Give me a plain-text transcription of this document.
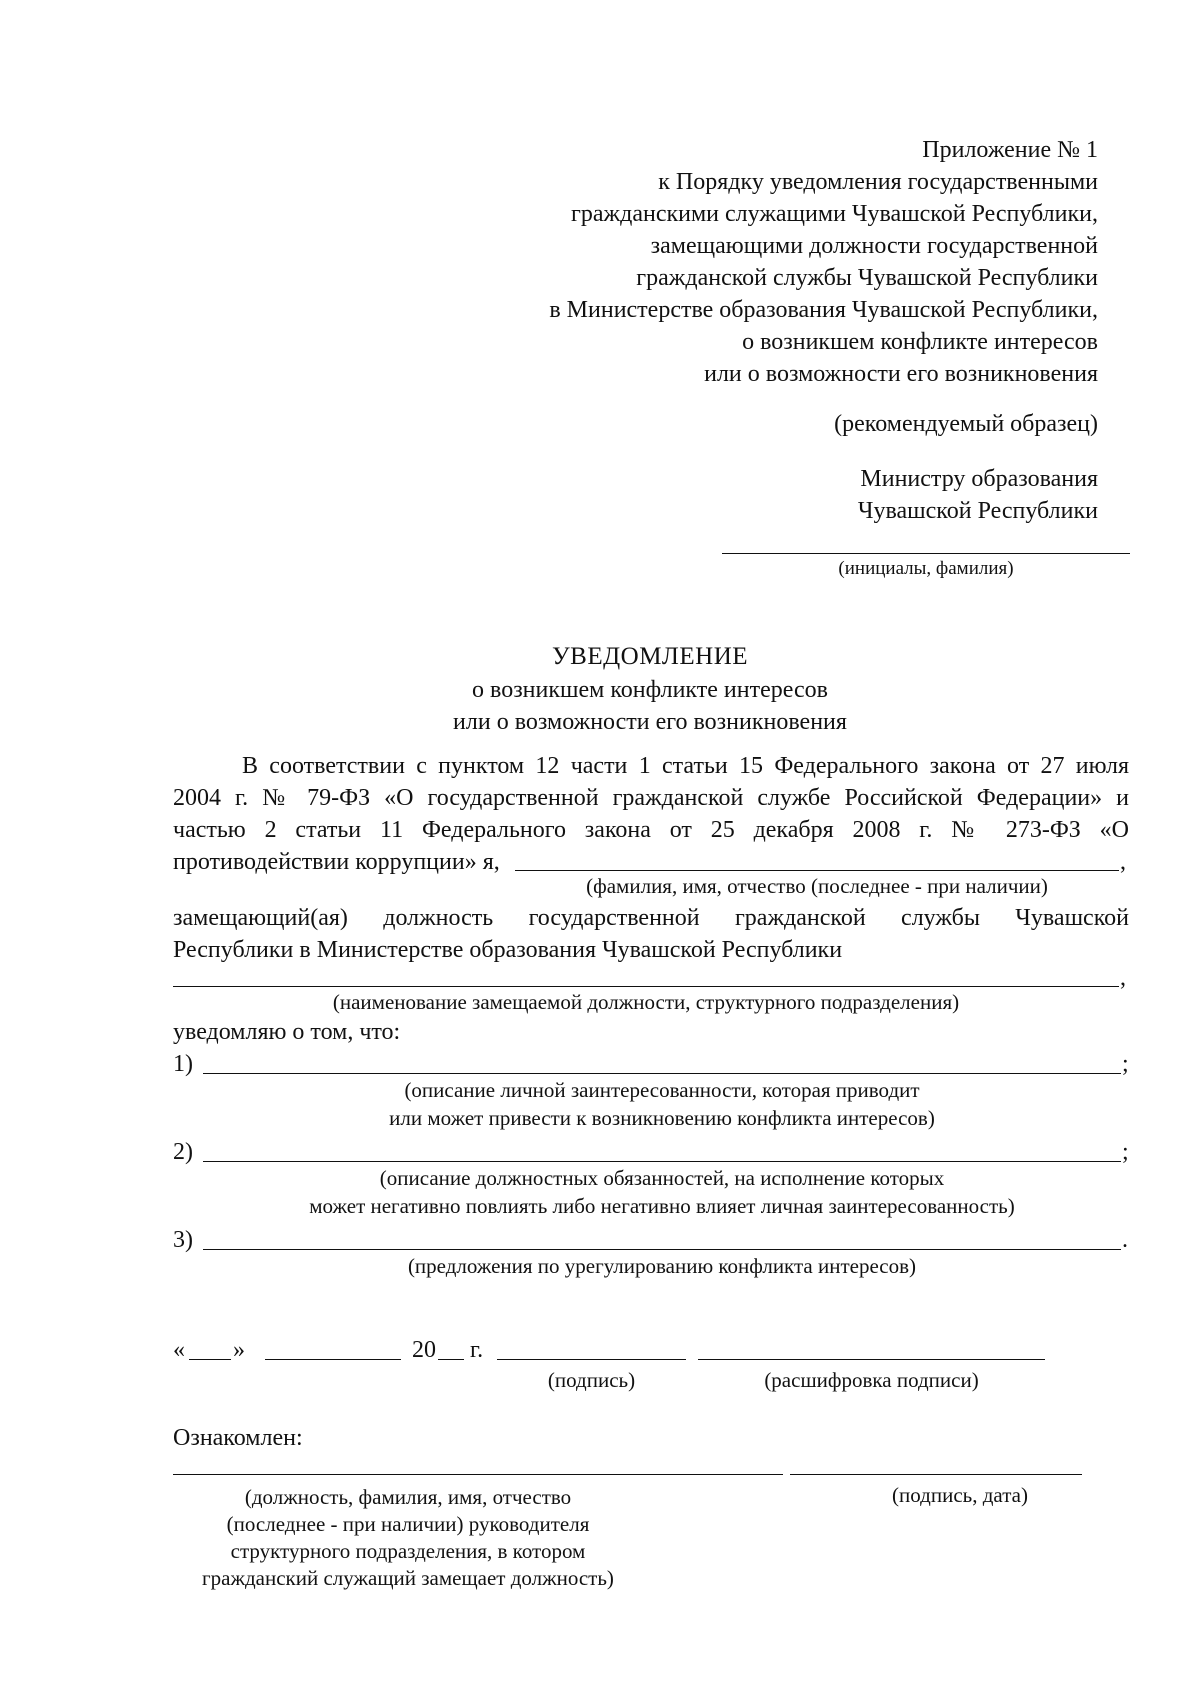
Приложение № 1
к Порядку уведомления государственными
гражданскими служащими Чувашской Республики,
замещающими должности государственной
гражданской службы Чувашской Республики
в Министерстве образования Чувашской Республики,
о возникшем конфликте интересов
или о возможности его возникновения
(рекомендуемый образец)
Министру образования
Чувашской Республики
(инициалы, фамилия)
УВЕДОМЛЕНИЕ
о возникшем конфликте интересов
или о возможности его возникновения
В соответствии с пунктом 12 части 1 статьи 15 Федерального закона от 27 июля
2004 г. № 79-ФЗ «О государственной гражданской службе Российской Федерации» и
частью 2 статьи 11 Федерального закона от 25 декабря 2008 г. № 273-ФЗ «О
противодействии коррупции» я,	,
(фамилия, имя, отчество (последнее - при наличии)
замещающий(ая) должность государственной гражданской службы Чувашской
Республики в Министерстве образования Чувашской Республики
,
(наименование замещаемой должности, структурного подразделения)
уведомляю о том, что:
1)	;
(описание личной заинтересованности, которая приводит
или может привести к возникновению конфликта интересов)
2)	;
(описание должностных обязанностей, на исполнение которых
может негативно повлиять либо негативно влияет личная заинтересованность)
3)	.
(предложения по урегулированию конфликта интересов)
« »	20 г.
(подпись)	(расшифровка подписи)
Ознакомлен:
(должность, фамилия, имя, отчество
(последнее - при наличии) руководителя
структурного подразделения, в котором
гражданский служащий замещает должность)
(подпись, дата)
